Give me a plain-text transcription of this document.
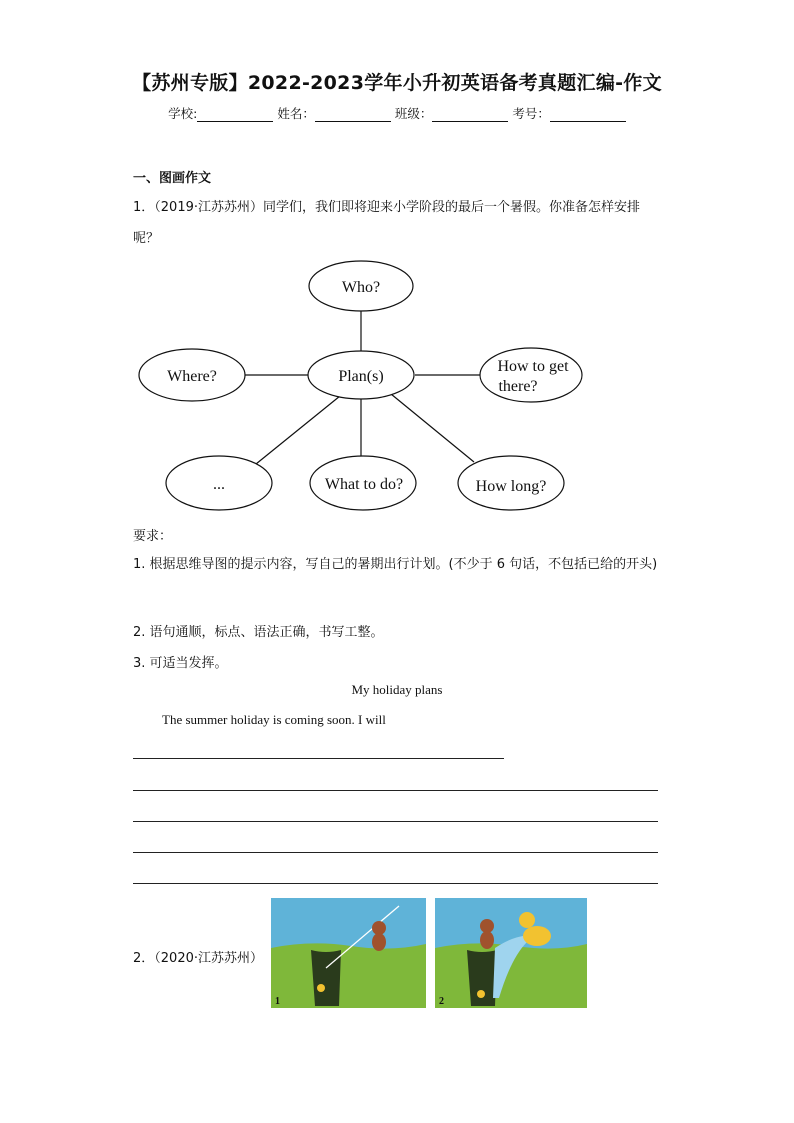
【苏州专版】2022-2023学年小升初英语备考真题汇编-作文
学校:	姓名：	班级：	考号：
一、图画作文
1．（2019·江苏苏州）同学们，我们即将迎来小学阶段的最后一个暑假。你准备怎样安排呢？
Who?
Plan(s)
Where?
How to get
there?
...	What to do?	How long?
要求：
1. 根据思维导图的提示内容，写自己的暑期出行计划。(不少于 6 句话，不包括已给的开头)
2. 语句通顺，标点、语法正确，书写工整。
3. 可适当发挥。
My holiday plans
The summer holiday is coming soon. I will
2．（2020·江苏苏州）
1	2
